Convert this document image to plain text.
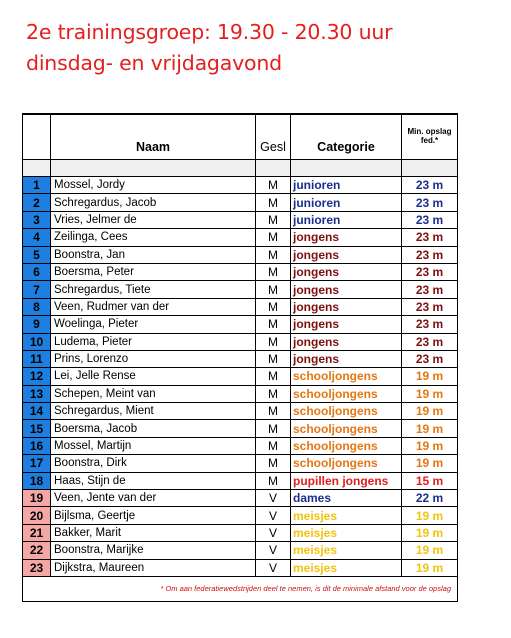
2e trainingsgroep: 19.30 - 20.30 uur
dinsdag- en vrijdagavond
	Naam	Gesl	Categorie	Min. opslag fed.*

1	Mossel, Jordy	M	junioren	23 m
2	Schregardus, Jacob	M	junioren	23 m
3	Vries, Jelmer de	M	junioren	23 m
4	Zeilinga, Cees	M	jongens	23 m
5	Boonstra, Jan	M	jongens	23 m
6	Boersma, Peter	M	jongens	23 m
7	Schregardus, Tiete	M	jongens	23 m
8	Veen, Rudmer van der	M	jongens	23 m
9	Woelinga, Pieter	M	jongens	23 m
10	Ludema, Pieter	M	jongens	23 m
11	Prins, Lorenzo	M	jongens	23 m
12	Lei, Jelle Rense	M	schooljongens	19 m
13	Schepen, Meint van	M	schooljongens	19 m
14	Schregardus, Mient	M	schooljongens	19 m
15	Boersma, Jacob	M	schooljongens	19 m
16	Mossel, Martijn	M	schooljongens	19 m
17	Boonstra, Dirk	M	schooljongens	19 m
18	Haas, Stijn de	M	pupillen jongens	15 m
19	Veen, Jente van der	V	dames	22 m
20	Bijlsma, Geertje	V	meisjes	19 m
21	Bakker, Marit	V	meisjes	19 m
22	Boonstra, Marijke	V	meisjes	19 m
23	Dijkstra, Maureen	V	meisjes	19 m
* Om aan federatiewedstrijden deel te nemen, is dit de minimale afstand voor de opslag				
